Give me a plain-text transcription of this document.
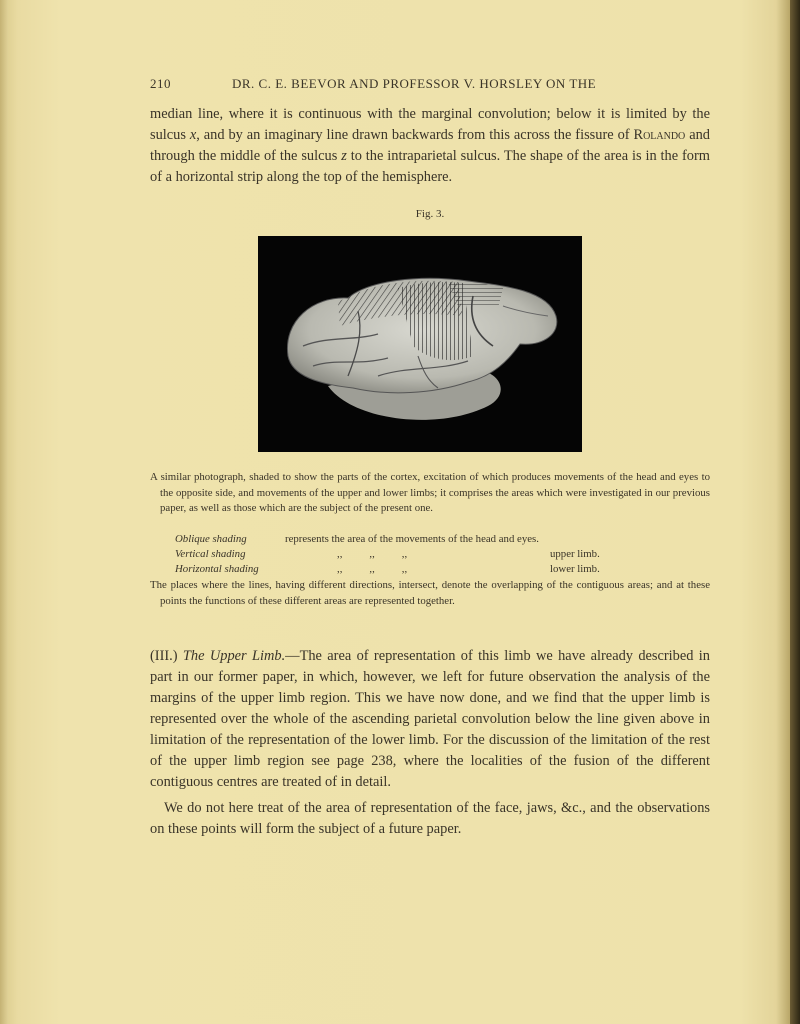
210	DR. C. E. BEEVOR AND PROFESSOR V. HORSLEY ON THE

median line, where it is continuous with the marginal convolution; below it is limited by the sulcus x, and by an imaginary line drawn backwards from this across the fissure of Rolando and through the middle of the sulcus z to the intraparietal sulcus. The shape of the area is in the form of a horizontal strip along the top of the hemisphere.

Fig. 3.

A similar photograph, shaded to show the parts of the cortex, excitation of which produces movements of the head and eyes to the opposite side, and movements of the upper and lower limbs; it comprises the areas which were investigated in our previous paper, as well as those which are the subject of the present one.

Oblique shading	represents the area of the movements of the head and eyes.
Vertical shading	,,          ,,          ,,	upper limb.
Horizontal shading	,,          ,,          ,,	lower limb.

The places where the lines, having different directions, intersect, denote the overlapping of the contiguous areas; and at these points the functions of these different areas are represented together.

(III.) The Upper Limb.—The area of representation of this limb we have already described in part in our former paper, in which, however, we left for future observation the analysis of the margins of the upper limb region. This we have now done, and we find that the upper limb is represented over the whole of the ascending parietal convolution below the line given above in limitation of the representation of the lower limb. For the discussion of the limitation of the rest of the upper limb region see page 238, where the localities of the fusion of the different contiguous centres are treated of in detail.

We do not here treat of the area of representation of the face, jaws, &c., and the observations on these points will form the subject of a future paper.
